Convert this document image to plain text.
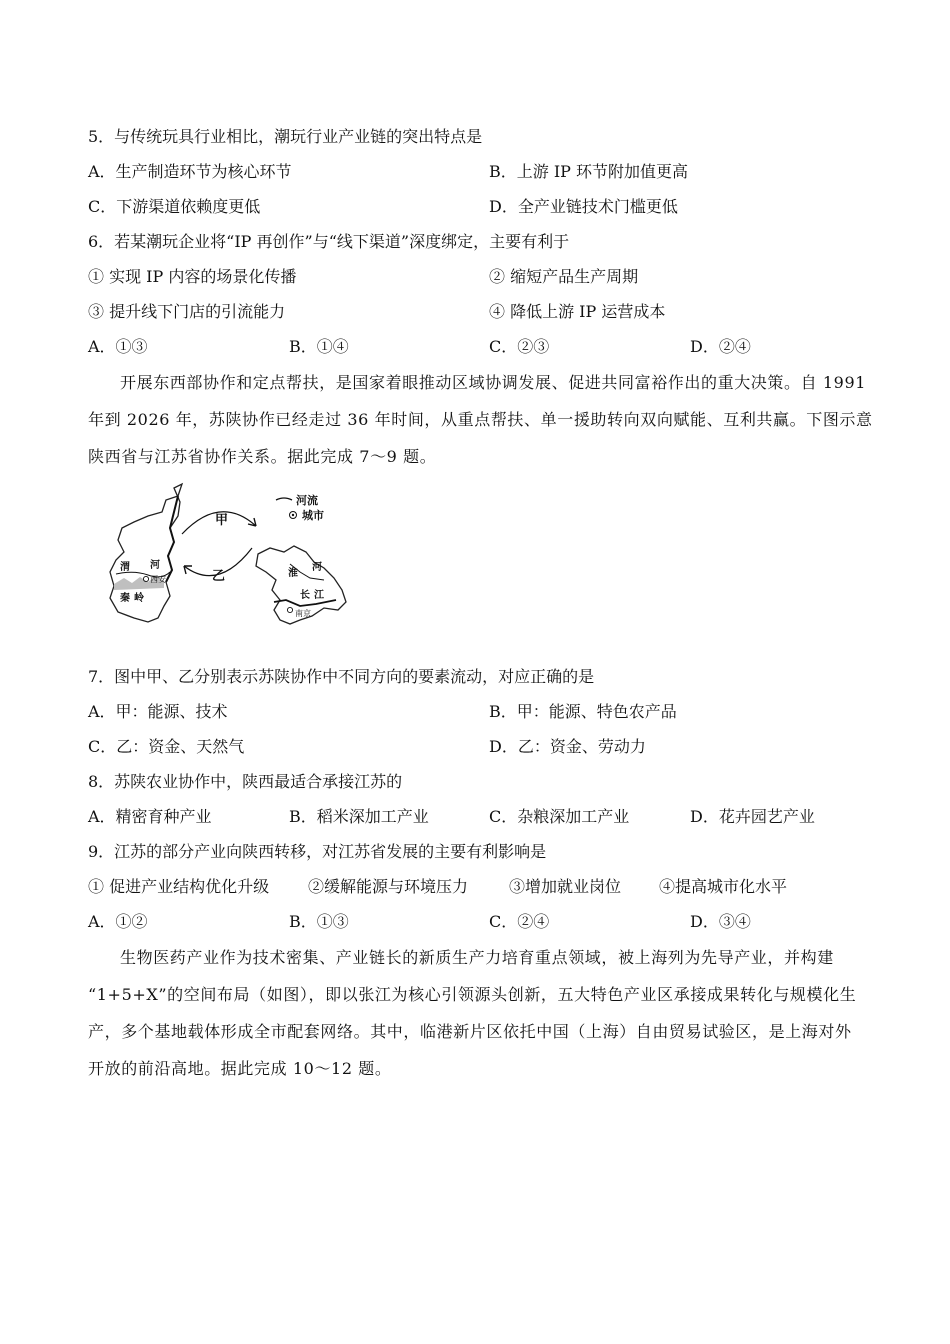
5．与传统玩具行业相比，潮玩行业产业链的突出特点是
A．生产制造环节为核心环节	B．上游 IP 环节附加值更高
C．下游渠道依赖度更低	D．全产业链技术门槛更低
6．若某潮玩企业将“IP 再创作”与“线下渠道”深度绑定，主要有利于
① 实现 IP 内容的场景化传播	② 缩短产品生产周期
③ 提升线下门店的引流能力	④ 降低上游 IP 运营成本
A．①③	B．①④	C．②③	D．②④
开展东西部协作和定点帮扶，是国家着眼推动区域协调发展、促进共同富裕作出的重大决策。自 1991
年到 2026 年，苏陕协作已经走过 36 年时间，从重点帮扶、单一援助转向双向赋能、互利共赢。下图示意
陕西省与江苏省协作关系。据此完成 7～9 题。
甲
乙
河流
城市
渭 河
西安
秦 岭
淮
河
长 江
南京
7．图中甲、乙分别表示苏陕协作中不同方向的要素流动，对应正确的是
A．甲：能源、技术	B．甲：能源、特色农产品
C．乙：资金、天然气	D．乙：资金、劳动力
8．苏陕农业协作中，陕西最适合承接江苏的
A．精密育种产业	B．稻米深加工产业	C．杂粮深加工产业	D．花卉园艺产业
9．江苏的部分产业向陕西转移，对江苏省发展的主要有利影响是
① 促进产业结构优化升级 ②缓解能源与环境压力	③增加就业岗位 ④提高城市化水平
A．①②	B．①③	C．②④	D．③④
生物医药产业作为技术密集、产业链长的新质生产力培育重点领域，被上海列为先导产业，并构建
“1+5+X”的空间布局（如图），即以张江为核心引领源头创新，五大特色产业区承接成果转化与规模化生
产，多个基地载体形成全市配套网络。其中，临港新片区依托中国（上海）自由贸易试验区，是上海对外
开放的前沿高地。据此完成 10～12 题。
